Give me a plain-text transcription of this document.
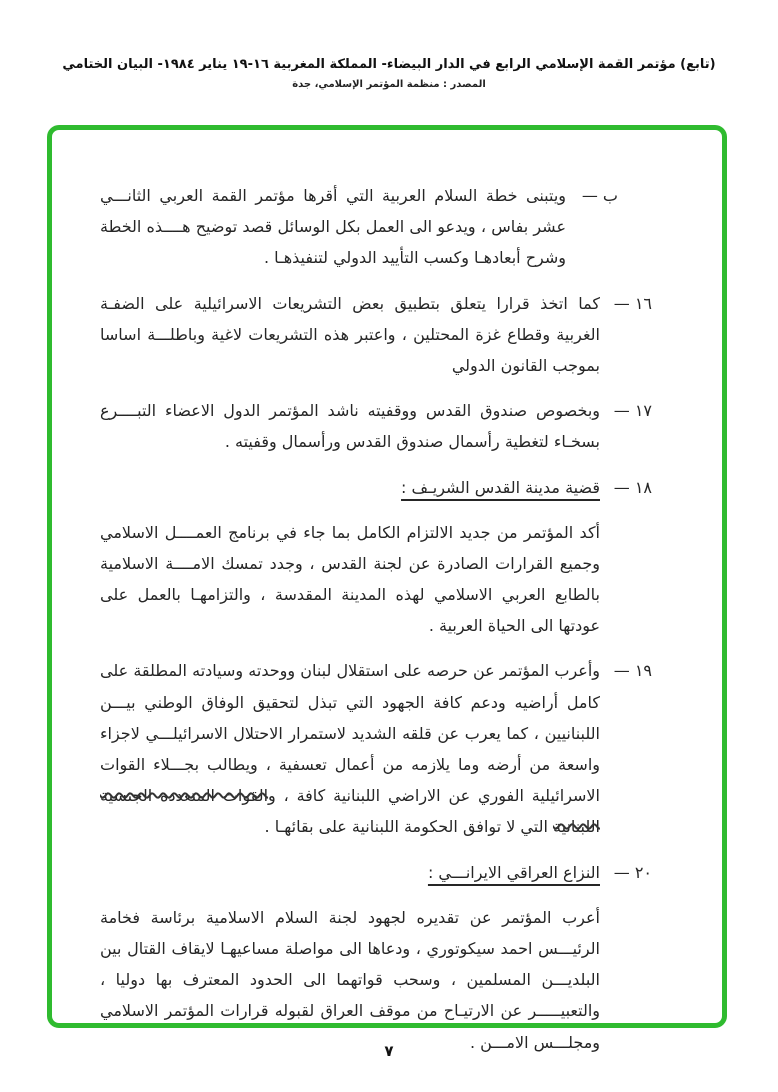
(تابع) مؤتمر القمة الإسلامي الرابع في الدار البيضاء- المملكة المغربية ١٦-١٩ يناير ١٩٨٤- البيان الختامي
المصدر : منظمة المؤتمر الإسلامي، جدة
ب —
ويتبنى خطة السلام العربية التي أقرها مؤتمر القمة العربي الثانـــي عشر بفاس ، ويدعو الى العمل بكل الوسائل قصد توضيح هــــذه الخطة وشرح أبعادهـا وكسب التأييد الدولي لتنفيذهـا .
١٦ —
كما اتخذ قرارا يتعلق بتطبيق بعض التشريعات الاسرائيلية على الضفـة الغربية وقطاع غزة المحتلين ، واعتبر هذه التشريعات لاغية وباطلـــة اساسا بموجب القانون الدولي
١٧ —
وبخصوص صندوق القدس ووقفيته ناشد المؤتمر الدول الاعضاء التبــــرع بسخـاء لتغطية رأسمال صندوق القدس ورأسمال وقفيته .
١٨ —
قضية مدينة القدس الشريـف :
أكد المؤتمر من جديد الالتزام الكامل بما جاء في برنامج العمــــل الاسلامي وجميع القرارات الصادرة عن لجنة القدس ، وجدد تمسك الامــــة الاسلامية بالطابع العربي الاسلامي لهذه المدينة المقدسة ، والتزامهـا بالعمل على عودتها الى الحياة العربية .
١٩ —
وأعرب المؤتمر عن حرصه على استقلال لبنان ووحدته وسيادته المطلقة على كامل أراضيه ودعم كافة الجهود التي تبذل لتحقيق الوفاق الوطني بيـــن اللبنانيين ، كما يعرب عن قلقه الشديد لاستمرار الاحتلال الاسرائيلـــي لاجزاء واسعة من أرضه وما يلازمه من أعمال تعسفية ، ويطالب بجـــلاء القوات الاسرائيلية الفوري عن الاراضي اللبنانية كافة ، والقوات المتعددة الجنسية اللبنانية التي لا توافق الحكومة اللبنانية على بقائهـا .
٢٠ —
النزاع العراقي الايرانـــي :
أعرب المؤتمر عن تقديره لجهود لجنة السلام الاسلامية برئاسة فخامة الرئيـــس احمد سيكوتوري ، ودعاها الى مواصلة مساعيهـا لايقاف القتال بين البلديـــن المسلمين ، وسحب قواتهما الى الحدود المعترف بها دوليا ، والتعبيـــــر عن الارتيـاح من موقف العراق لقبوله قرارات المؤتمر الاسلامي ومجلـــس الامـــن .
٧
